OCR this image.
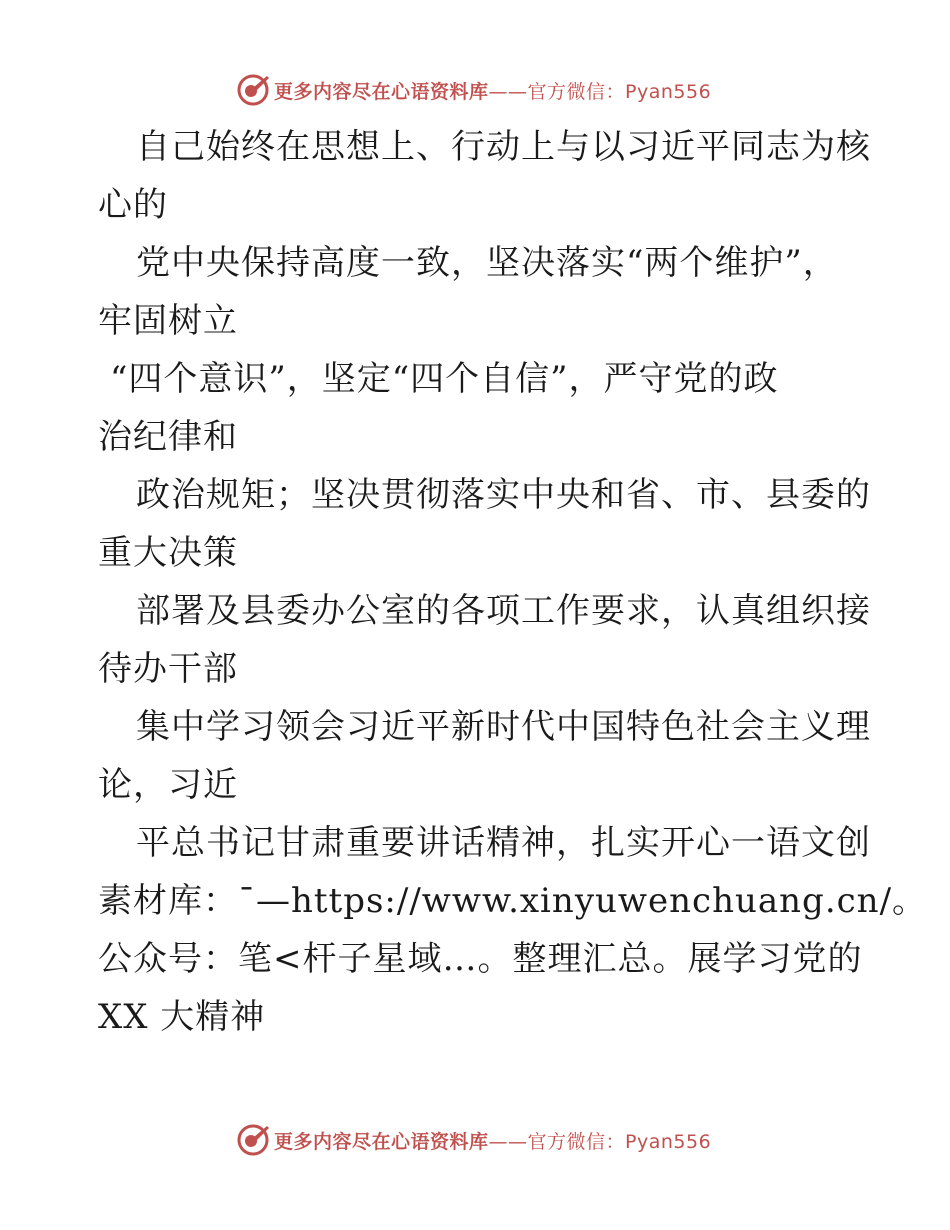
更多内容尽在心语资料库——官方微信：Pyan556
自己始终在思想上、行动上与以习近平同志为核
心的
党中央保持高度一致，坚决落实“两个维护”，
牢固树立
“四个意识”，坚定“四个自信”，严守党的政
治纪律和
政治规矩；坚决贯彻落实中央和省、市、县委的
重大决策
部署及县委办公室的各项工作要求，认真组织接
待办干部
集中学习领会习近平新时代中国特色社会主义理
论，习近
平总书记甘肃重要讲话精神，扎实开心一语文创
素材库：¯—https://www.xinyuwenchuang.cn/。
公众号：笔<杆子星域…。整理汇总。展学习党的
XX 大精神
更多内容尽在心语资料库——官方微信：Pyan556
